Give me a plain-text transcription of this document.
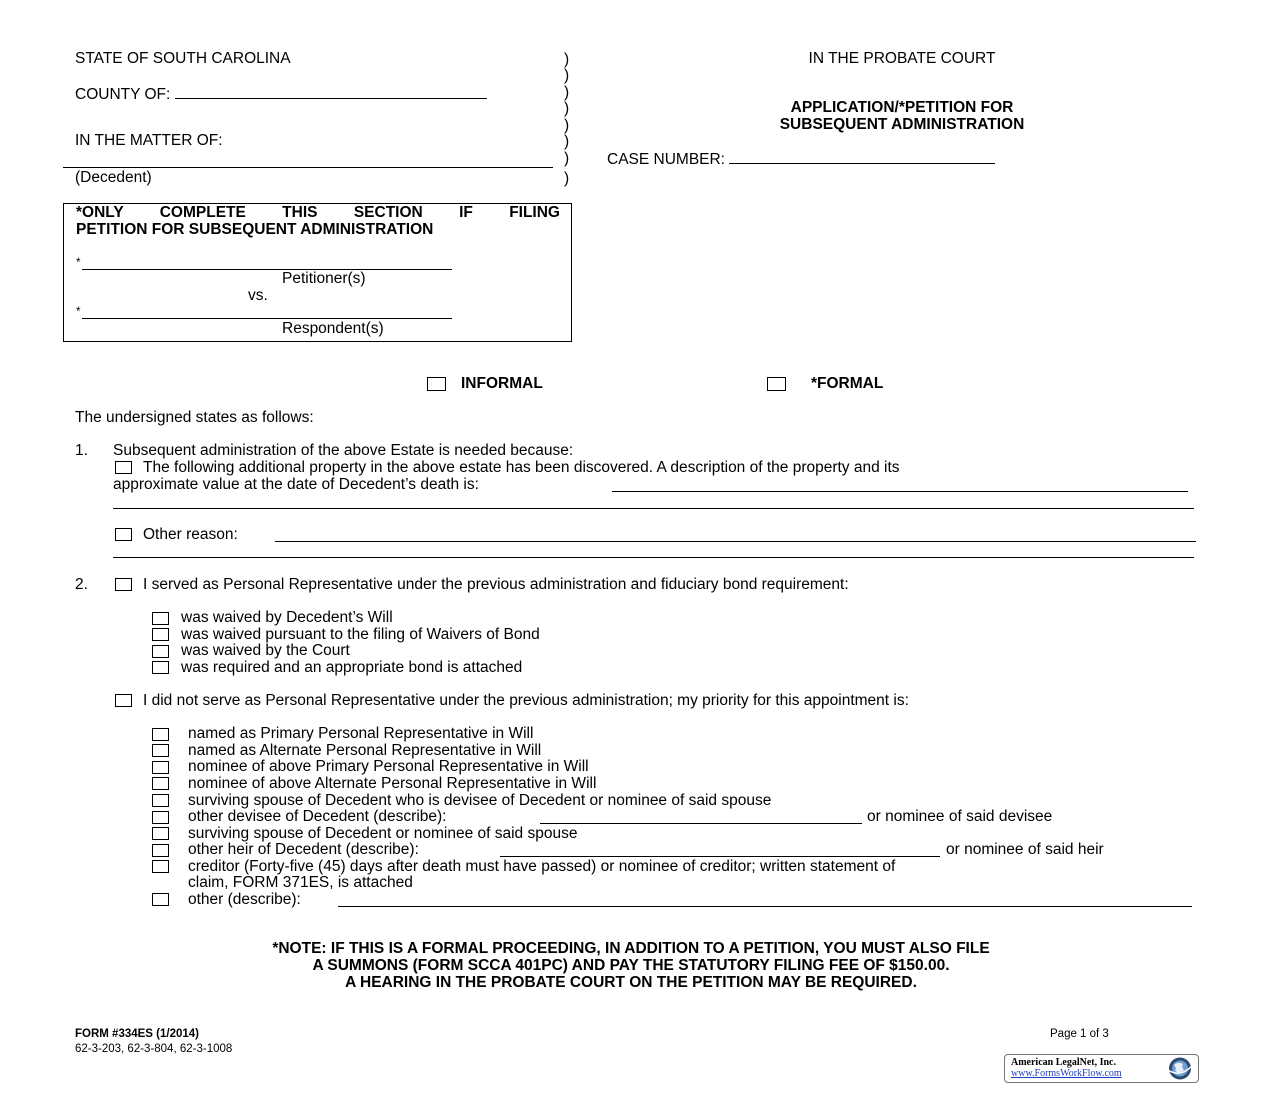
STATE OF SOUTH CAROLINA
COUNTY OF:
IN THE MATTER OF:
(Decedent)
)
)
)
)
)
)
)
)
IN THE PROBATE COURT
APPLICATION/*PETITION FOR
SUBSEQUENT ADMINISTRATION
CASE NUMBER:
*ONLY COMPLETE THIS SECTION IF FILING
PETITION FOR SUBSEQUENT ADMINISTRATION
*
Petitioner(s)
vs.
*
Respondent(s)
INFORMAL	*FORMAL
The undersigned states as follows:
1. Subsequent administration of the above Estate is needed because:
The following additional property in the above estate has been discovered. A description of the property and its
approximate value at the date of Decedent’s death is:
Other reason:
2.	I served as Personal Representative under the previous administration and fiduciary bond requirement:
was waived by Decedent’s Will
was waived pursuant to the filing of Waivers of Bond
was waived by the Court
was required and an appropriate bond is attached
I did not serve as Personal Representative under the previous administration; my priority for this appointment is:
named as Primary Personal Representative in Will
named as Alternate Personal Representative in Will
nominee of above Primary Personal Representative in Will
nominee of above Alternate Personal Representative in Will
surviving spouse of Decedent who is devisee of Decedent or nominee of said spouse
other devisee of Decedent (describe):	or nominee of said devisee
surviving spouse of Decedent or nominee of said spouse
other heir of Decedent (describe):	or nominee of said heir
creditor (Forty-five (45) days after death must have passed) or nominee of creditor; written statement of
claim, FORM 371ES, is attached
other (describe):
*NOTE: IF THIS IS A FORMAL PROCEEDING, IN ADDITION TO A PETITION, YOU MUST ALSO FILE
A SUMMONS (FORM SCCA 401PC) AND PAY THE STATUTORY FILING FEE OF $150.00.
A HEARING IN THE PROBATE COURT ON THE PETITION MAY BE REQUIRED.
FORM #334ES (1/2014)
62-3-203, 62-3-804, 62-3-1008
Page 1 of 3
American LegalNet, Inc.
www.FormsWorkFlow.com
